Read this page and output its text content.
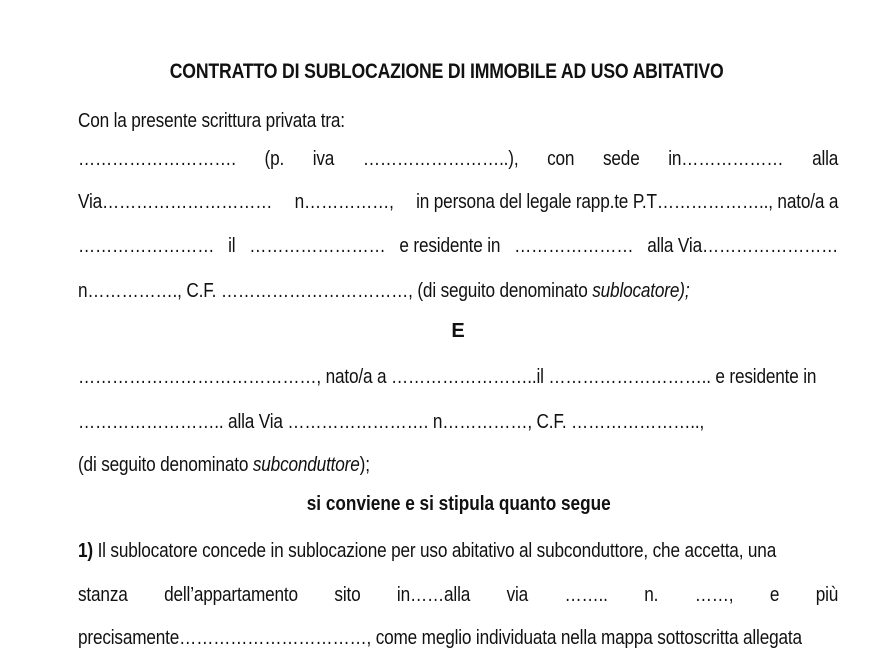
CONTRATTO DI SUBLOCAZIONE DI IMMOBILE AD USO ABITATIVO
Con la presente scrittura privata tra:
………………………. (p. iva ……………………..), con sede in……………… alla
Via………………………… n……………, in persona del legale rapp.te P.T……………….., nato/a a
…………………… il …………………… e residente in ………………… alla Via……………………
n……………., C.F. ……………………………, (di seguito denominato sublocatore);
E
……………………………………, nato/a a ……………………..il ……………………….. e residente in
…………………….. alla Via ……………………. n……………, C.F. …………………..,
(di seguito denominato subconduttore);
si conviene e si stipula quanto segue
1) Il sublocatore concede in sublocazione per uso abitativo al subconduttore, che accetta, una
stanza dell’appartamento sito in……alla via …….. n. ……, e più
precisamente……………………………, come meglio individuata nella mappa sottoscritta allegata
